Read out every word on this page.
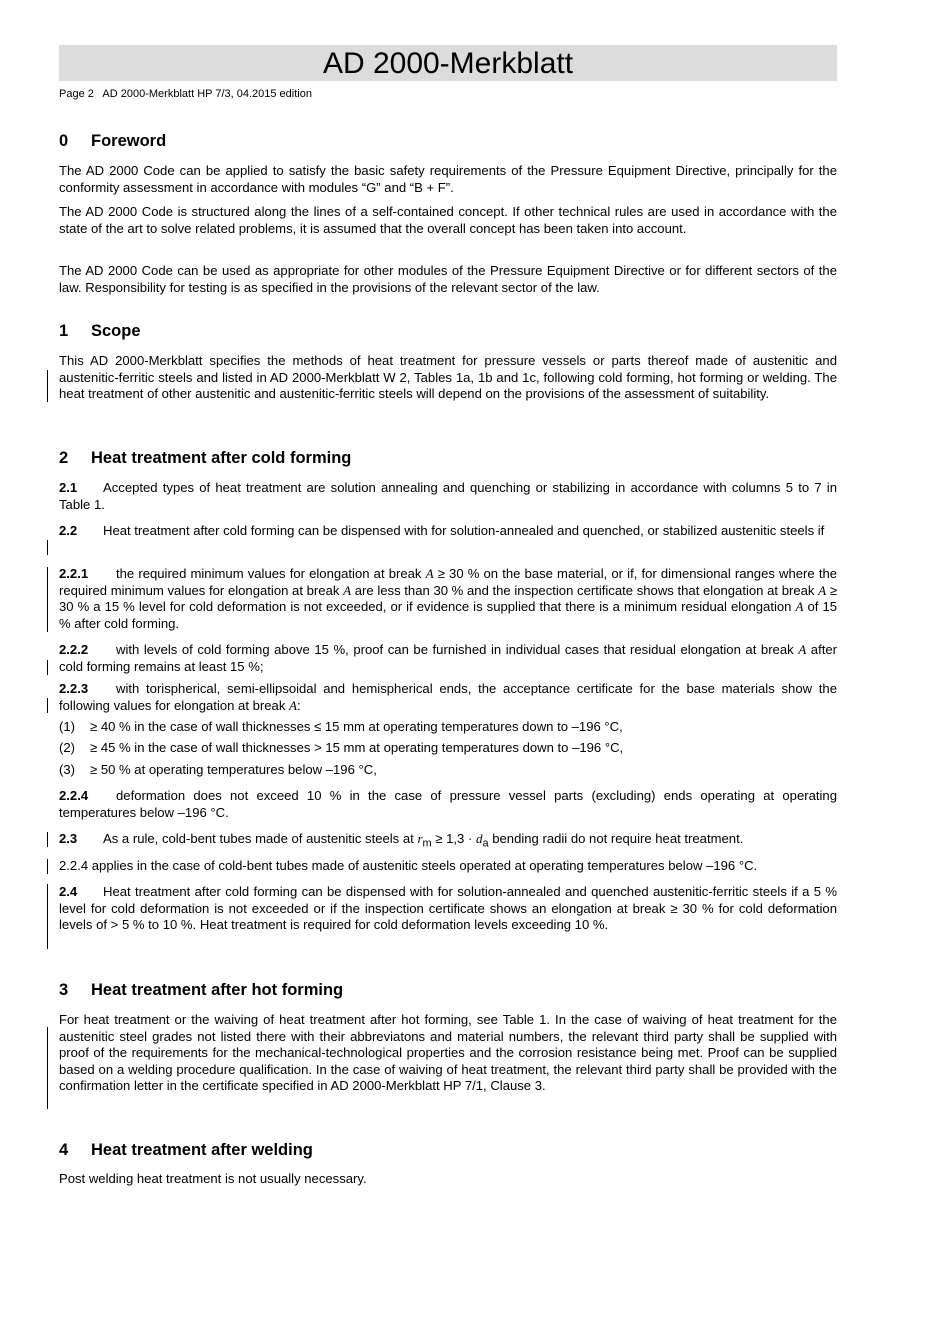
AD 2000-Merkblatt
Page 2   AD 2000-Merkblatt HP 7/3, 04.2015 edition
0 Foreword

The AD 2000 Code can be applied to satisfy the basic safety requirements of the Pressure Equipment Directive, principally for the conformity assessment in accordance with modules “G” and “B + F”.

The AD 2000 Code is structured along the lines of a self-contained concept. If other technical rules are used in accordance with the state of the art to solve related problems, it is assumed that the overall concept has been taken into account.

The AD 2000 Code can be used as appropriate for other modules of the Pressure Equipment Directive or for different sectors of the law. Responsibility for testing is as specified in the provisions of the relevant sector of the law.

1 Scope

This AD 2000-Merkblatt specifies the methods of heat treatment for pressure vessels or parts thereof made of austenitic and austenitic-ferritic steels and listed in AD 2000-Merkblatt W 2, Tables 1a, 1b and 1c, following cold forming, hot forming or welding. The heat treatment of other austenitic and austenitic-ferritic steels will depend on the provisions of the assessment of suitability.

2 Heat treatment after cold forming

2.1 Accepted types of heat treatment are solution annealing and quenching or stabilizing in accordance with columns 5 to 7 in Table 1.

2.2 Heat treatment after cold forming can be dispensed with for solution-annealed and quenched, or stabilized austenitic steels if

2.2.1 the required minimum values for elongation at break A ≥ 30 % on the base material, or if, for dimensional ranges where the required minimum values for elongation at break A are less than 30 % and the inspection certificate shows that elongation at break A ≥ 30 % a 15 % level for cold deformation is not exceeded, or if evidence is supplied that there is a minimum residual elongation A of 15 % after cold forming.

2.2.2 with levels of cold forming above 15 %, proof can be furnished in individual cases that residual elongation at break A after cold forming remains at least 15 %;

2.2.3 with torispherical, semi-ellipsoidal and hemispherical ends, the acceptance certificate for the base materials show the following values for elongation at break A:

(1) ≥ 40 % in the case of wall thicknesses ≤ 15 mm at operating temperatures down to –196 °C,
(2) ≥ 45 % in the case of wall thicknesses > 15 mm at operating temperatures down to –196 °C,
(3) ≥ 50 % at operating temperatures below –196 °C,

2.2.4 deformation does not exceed 10 % in the case of pressure vessel parts (excluding) ends operating at operating temperatures below –196 °C.

2.3 As a rule, cold-bent tubes made of austenitic steels at $r_m \ge 1,3 \cdot d_a$ bending radii do not require heat treatment.

2.2.4 applies in the case of cold-bent tubes made of austenitic steels operated at operating temperatures below –196 °C.

2.4 Heat treatment after cold forming can be dispensed with for solution-annealed and quenched austenitic-ferritic steels if a 5 % level for cold deformation is not exceeded or if the inspection certificate shows an elongation at break ≥ 30 % for cold deformation levels of > 5 % to 10 %. Heat treatment is required for cold deformation levels exceeding 10 %.

3 Heat treatment after hot forming

For heat treatment or the waiving of heat treatment after hot forming, see Table 1. In the case of waiving of heat treatment for the austenitic steel grades not listed there with their abbreviatons and material numbers, the relevant third party shall be supplied with proof of the requirements for the mechanical-technological properties and the corrosion resistance being met. Proof can be supplied based on a welding procedure qualification. In the case of waiving of heat treatment, the relevant third party shall be provided with the confirmation letter in the certificate specified in AD 2000-Merkblatt HP 7/1, Clause 3.

4 Heat treatment after welding

Post welding heat treatment is not usually necessary.
